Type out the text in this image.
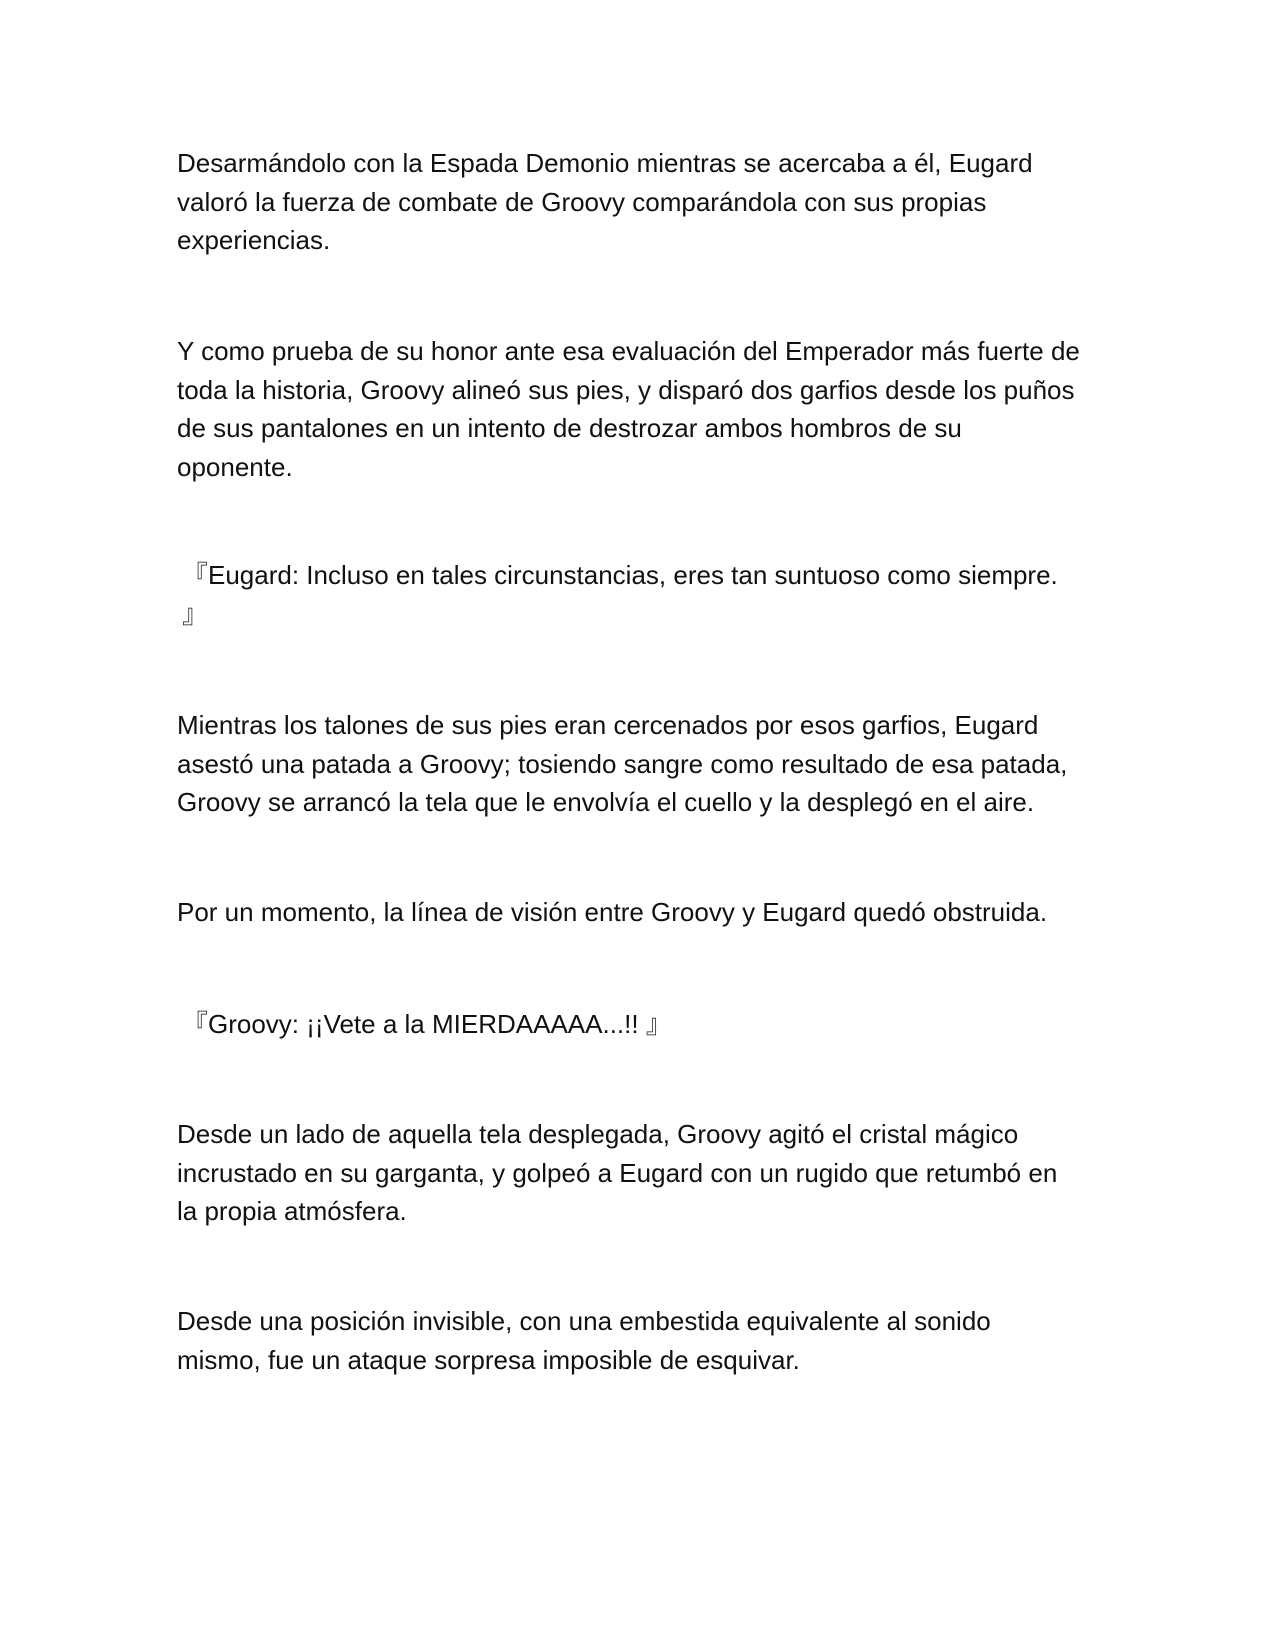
Desarmándolo con la Espada Demonio mientras se acercaba a él, Eugard
valoró la fuerza de combate de Groovy comparándola con sus propias
experiencias.

Y como prueba de su honor ante esa evaluación del Emperador más fuerte de
toda la historia, Groovy alineó sus pies, y disparó dos garfios desde los puños
de sus pantalones en un intento de destrozar ambos hombros de su
oponente.

『Eugard: Incluso en tales circunstancias, eres tan suntuoso como siempre.
』

Mientras los talones de sus pies eran cercenados por esos garfios, Eugard
asestó una patada a Groovy; tosiendo sangre como resultado de esa patada,
Groovy se arrancó la tela que le envolvía el cuello y la desplegó en el aire.

Por un momento, la línea de visión entre Groovy y Eugard quedó obstruida.

『Groovy: ¡¡Vete a la MIERDAAAAA...!! 』

Desde un lado de aquella tela desplegada, Groovy agitó el cristal mágico
incrustado en su garganta, y golpeó a Eugard con un rugido que retumbó en
la propia atmósfera.

Desde una posición invisible, con una embestida equivalente al sonido
mismo, fue un ataque sorpresa imposible de esquivar.
